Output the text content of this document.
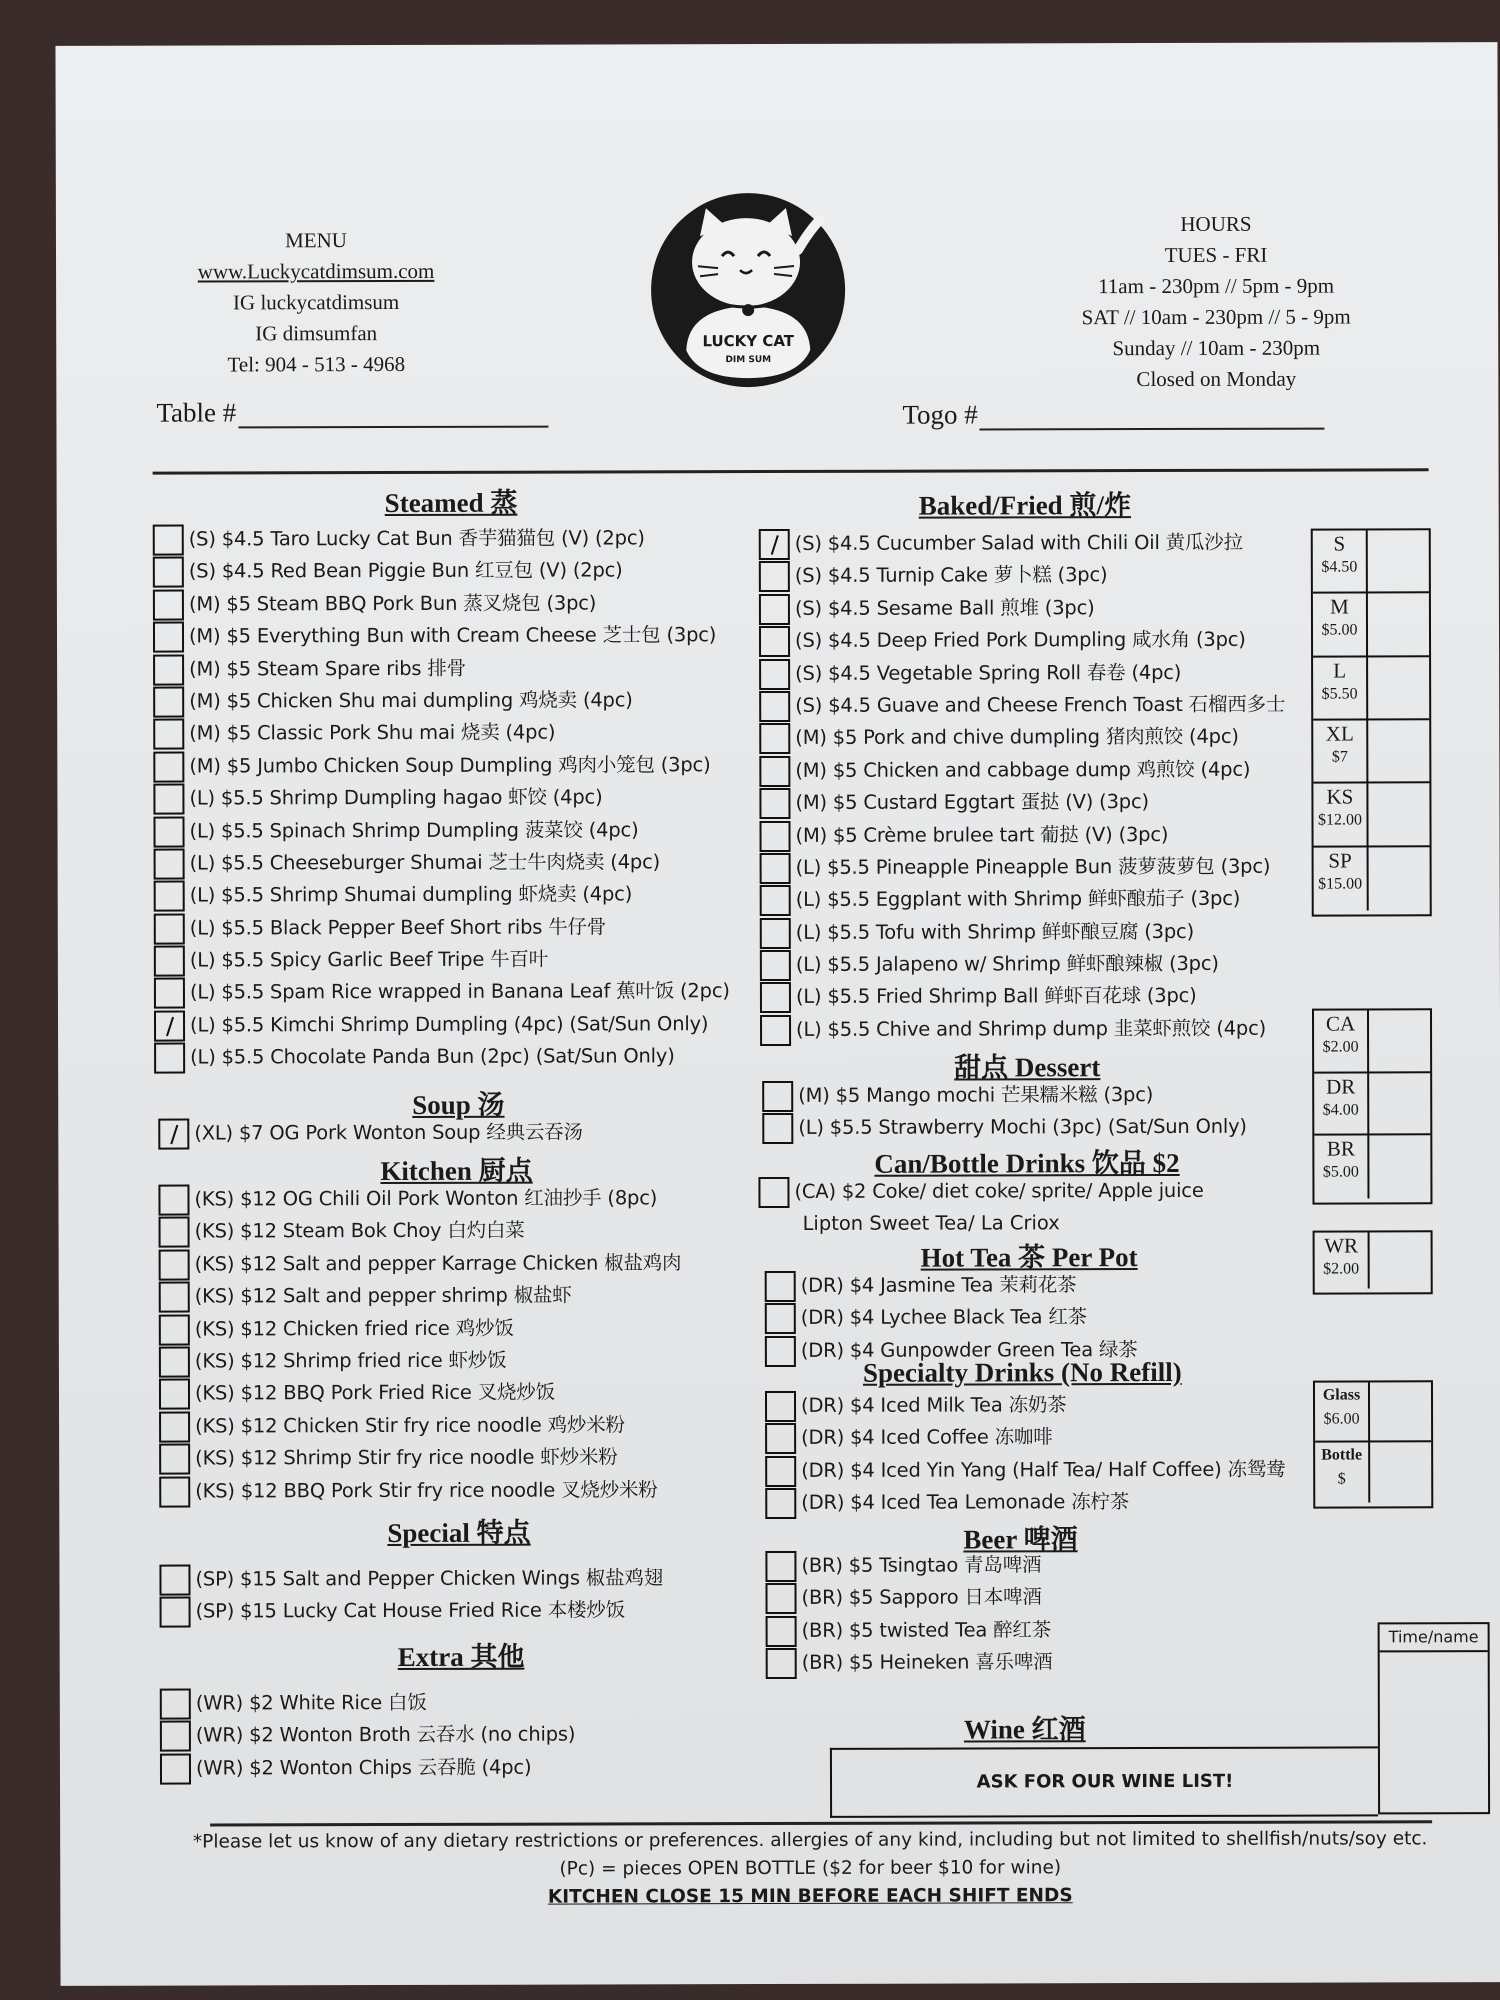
MENU
www.Luckycatdimsum.com
IG luckycatdimsum
IG dimsumfan
Tel: 904 - 513 - 4968
LUCKY CAT
DIM SUM
HOURS
TUES - FRI
11am - 230pm // 5pm - 9pm
SAT // 10am - 230pm // 5 - 9pm
Sunday // 10am - 230pm
Closed on Monday
Table #	Togo #
Steamed 蒸
(S) $4.5 Taro Lucky Cat Bun 香芋猫猫包 (V) (2pc)
(S) $4.5 Red Bean Piggie Bun 红豆包 (V) (2pc)
(M) $5 Steam BBQ Pork Bun 蒸叉烧包 (3pc)
(M) $5 Everything Bun with Cream Cheese 芝士包 (3pc)
(M) $5 Steam Spare ribs 排骨
(M) $5 Chicken Shu mai dumpling 鸡烧卖 (4pc)
(M) $5 Classic Pork Shu mai 烧卖 (4pc)
(M) $5 Jumbo Chicken Soup Dumpling 鸡肉小笼包 (3pc)
(L) $5.5 Shrimp Dumpling hagao 虾饺 (4pc)
(L) $5.5 Spinach Shrimp Dumpling 菠菜饺 (4pc)
(L) $5.5 Cheeseburger Shumai 芝士牛肉烧卖 (4pc)
(L) $5.5 Shrimp Shumai dumpling 虾烧卖 (4pc)
(L) $5.5 Black Pepper Beef Short ribs 牛仔骨
(L) $5.5 Spicy Garlic Beef Tripe 牛百叶
(L) $5.5 Spam Rice wrapped in Banana Leaf 蕉叶饭 (2pc)
(L) $5.5 Kimchi Shrimp Dumpling (4pc) (Sat/Sun Only)
(L) $5.5 Chocolate Panda Bun (2pc) (Sat/Sun Only)
Soup 汤
(XL) $7 OG Pork Wonton Soup 经典云吞汤
Kitchen 厨点
(KS) $12 OG Chili Oil Pork Wonton 红油抄手 (8pc)
(KS) $12 Steam Bok Choy 白灼白菜
(KS) $12 Salt and pepper Karrage Chicken 椒盐鸡肉
(KS) $12 Salt and pepper shrimp 椒盐虾
(KS) $12 Chicken fried rice 鸡炒饭
(KS) $12 Shrimp fried rice 虾炒饭
(KS) $12 BBQ Pork Fried Rice 叉烧炒饭
(KS) $12 Chicken Stir fry rice noodle 鸡炒米粉
(KS) $12 Shrimp Stir fry rice noodle 虾炒米粉
(KS) $12 BBQ Pork Stir fry rice noodle 叉烧炒米粉
Special 特点
(SP) $15 Salt and Pepper Chicken Wings 椒盐鸡翅
(SP) $15 Lucky Cat House Fried Rice 本楼炒饭
Extra 其他
(WR) $2 White Rice 白饭
(WR) $2 Wonton Broth 云吞水 (no chips)
(WR) $2 Wonton Chips 云吞脆 (4pc)
Baked/Fried 煎/炸
(S) $4.5 Cucumber Salad with Chili Oil 黄瓜沙拉
(S) $4.5 Turnip Cake 萝卜糕 (3pc)
(S) $4.5 Sesame Ball 煎堆 (3pc)
(S) $4.5 Deep Fried Pork Dumpling 咸水角 (3pc)
(S) $4.5 Vegetable Spring Roll 春卷 (4pc)
(S) $4.5 Guave and Cheese French Toast 石榴西多士
(M) $5 Pork and chive dumpling 猪肉煎饺 (4pc)
(M) $5 Chicken and cabbage dump 鸡煎饺 (4pc)
(M) $5 Custard Eggtart 蛋挞 (V) (3pc)
(M) $5 Crème brulee tart 葡挞 (V) (3pc)
(L) $5.5 Pineapple Pineapple Bun 菠萝菠萝包 (3pc)
(L) $5.5 Eggplant with Shrimp 鲜虾酿茄子 (3pc)
(L) $5.5 Tofu with Shrimp 鲜虾酿豆腐 (3pc)
(L) $5.5 Jalapeno w/ Shrimp 鲜虾酿辣椒 (3pc)
(L) $5.5 Fried Shrimp Ball 鲜虾百花球 (3pc)
(L) $5.5 Chive and Shrimp dump 韭菜虾煎饺 (4pc)
甜点 Dessert
(M) $5 Mango mochi 芒果糯米糍 (3pc)
(L) $5.5 Strawberry Mochi (3pc) (Sat/Sun Only)
Can/Bottle Drinks 饮品 $2
(CA) $2 Coke/ diet coke/ sprite/ Apple juice
Lipton Sweet Tea/ La Criox
Hot Tea 茶 Per Pot
(DR) $4 Jasmine Tea 茉莉花茶
(DR) $4 Lychee Black Tea 红茶
(DR) $4 Gunpowder Green Tea 绿茶
Specialty Drinks (No Refill)
(DR) $4 Iced Milk Tea 冻奶茶
(DR) $4 Iced Coffee 冻咖啡
(DR) $4 Iced Yin Yang (Half Tea/ Half Coffee) 冻鸳鸯
(DR) $4 Iced Tea Lemonade 冻柠茶
Beer 啤酒
(BR) $5 Tsingtao 青岛啤酒
(BR) $5 Sapporo 日本啤酒
(BR) $5 twisted Tea 醉红茶
(BR) $5 Heineken 喜乐啤酒
Wine 红酒
ASK FOR OUR WINE LIST!
S
$4.50
M
$5.00
L
$5.50
XL
$7
KS
$12.00
SP
$15.00
CA
$2.00
DR
$4.00
BR
$5.00
WR
$2.00
Glass
$6.00
Bottle
$
Time/name
*Please let us know of any dietary restrictions or preferences. allergies of any kind, including but not limited to shellfish/nuts/soy etc.
(Pc) = pieces OPEN BOTTLE ($2 for beer $10 for wine)
KITCHEN CLOSE 15 MIN BEFORE EACH SHIFT ENDS
